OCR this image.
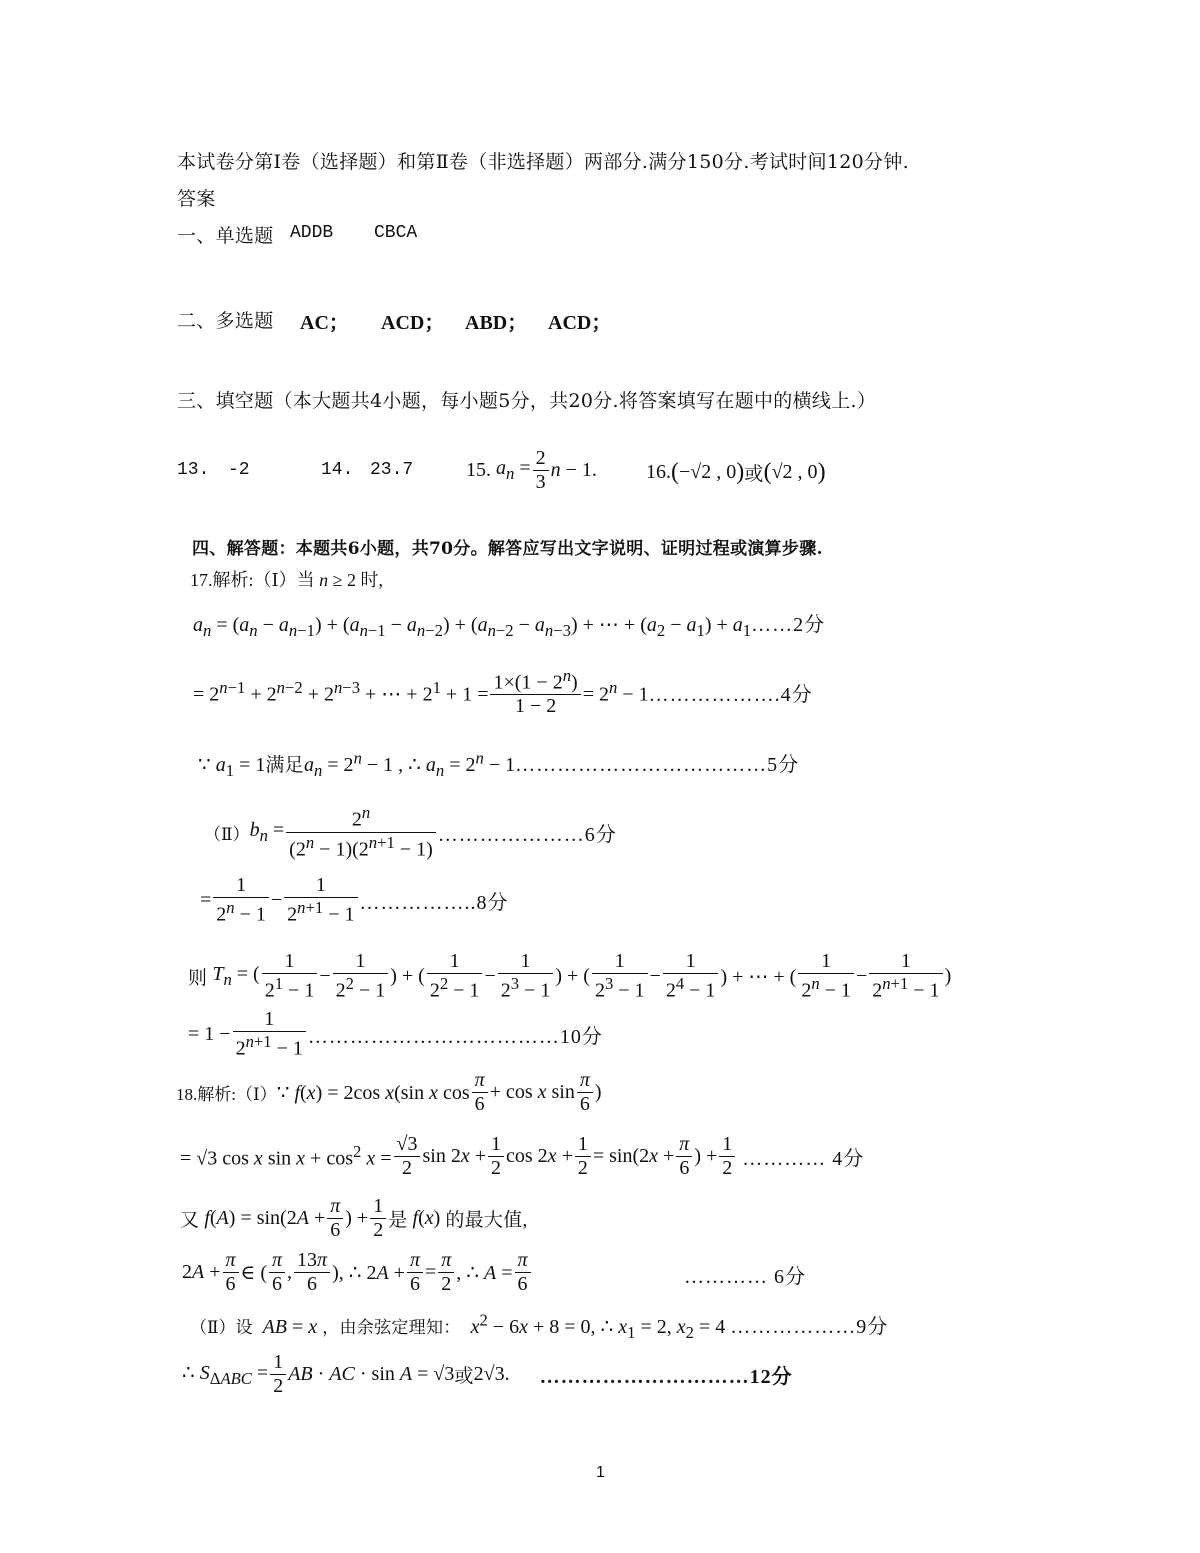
本试卷分第Ⅰ卷（选择题）和第Ⅱ卷（非选择题）两部分.满分150分.考试时间120分钟.
答案
一、单选题 ADDB CBCA
二、多选题 AC； ACD； ABD； ACD；
三、填空题（本大题共4小题，每小题5分，共20分.将答案填写在题中的横线上.）
13. -2	14. 23.7	15. $a_n = \frac{2}{3}$ n − 1. 16. ( −√2 , 0 ) 或 ( √2 , 0 )
四、解答题：本题共6小题，共70分。解答应写出文字说明、证明过程或演算步骤.
17.解析:（Ⅰ）当 n ≥ 2 时,
$a_n = (a_n - a_{n-1}) + (a_{n-1} - a_{n-2}) + (a_{n-2} - a_{n-3})$ + ⋯ + $(a_2 - a_1)$ + $a_1\dots\dots 2$分
= $2^{n-1} + 2^{n-2} + 2^{n-3}$ + ⋯ + $2^1 + 1 = \frac{1\times(1 - 2^n)}{1 - 2} = 2^n - 1$ ……………….4分
∵ $a_1 = 1$满足$a_n = 2^n - 1$ , ∴ $a_n = 2^n$ − 1………………………………5分
（Ⅱ） $b_n = \frac{2^n}{(2^n - 1)(2^{n+1} - 1)}$ …………………6分
= $\frac{1}{2^n - 1} - \frac{1}{2^{n+1} - 1}$ ……………..8分
则 $T_n$ = ( $\frac{1}{2^1 - 1} - \frac{1}{2^2 - 1}$ ) + ( $\frac{1}{2^2 - 1} - \frac{1}{2^3 - 1}$ ) + ( $\frac{1}{2^3 - 1} - \frac{1}{2^4 - 1}$ ) + ⋯ + ( $\frac{1}{2^n - 1} - \frac{1}{2^{n+1} - 1}$ )
= $1 - \frac{1}{2^{n+1} - 1}$ ………………………………10分
18.解析:（Ⅰ） ∵ f(x) = 2cos x(sin x $\cos \frac{\pi}{6} + \cos x$ $\sin \frac{\pi}{6}$ )
= √3 cos x $\sin x + \cos^2 x = \frac{√3}{2}$ $\sin 2x + \frac{1}{2}$ $\cos 2x + \frac{1}{2} = \sin(2x + \frac{\pi}{6}$ ) + $\frac{1}{2}$
………… 4分
又 $f(A) = \sin(2A + \frac{\pi}{6}$ ) + $\frac{1}{2}$ 是 f(x) 的最大值,
$2A + \frac{\pi}{6}$ ∈ ( $\frac{\pi}{6}$ , $\frac{13\pi}{6}$ ), ∴ $2A + \frac{\pi}{6} = \frac{\pi}{2}$ , ∴ $A = \frac{\pi}{6}$	………… 6分
（Ⅱ）设 AB = x ，由余弦定理知： $x^2 - 6x + 8 = 0$, ∴ $x_1 = 2$, $x_2 = 4$ ………………9分
∴ $S_{\Delta ABC} = \frac{1}{2}$ AB · AC · sin A = √3 或 2√3.
…………………………12分
1
